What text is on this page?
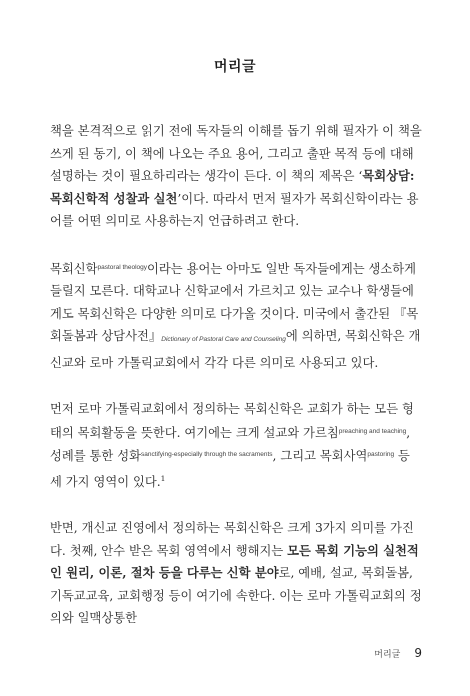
머리글

책을 본격적으로 읽기 전에 독자들의 이해를 돕기 위해 필자가 이 책을 쓰게 된 동기, 이 책에 나오는 주요 용어, 그리고 출판 목적 등에 대해 설명하는 것이 필요하리라는 생각이 든다. 이 책의 제목은 ‘목회상담: 목회신학적 성찰과 실천’이다. 따라서 먼저 필자가 목회신학이라는 용어를 어떤 의미로 사용하는지 언급하려고 한다.

목회신학$^{pastoral theology}$이라는 용어는 아마도 일반 독자들에게는 생소하게 들릴지 모른다. 대학교나 신학교에서 가르치고 있는 교수나 학생들에게도 목회신학은 다양한 의미로 다가올 것이다. 미국에서 출간된 『목회돌봄과 상담사전』Dictionary of Pastoral Care and Counseling에 의하면, 목회신학은 개신교와 로마 가톨릭교회에서 각각 다른 의미로 사용되고 있다.

먼저 로마 가톨릭교회에서 정의하는 목회신학은 교회가 하는 모든 형태의 목회활동을 뜻한다. 여기에는 크게 설교와 가르침$^{preaching and teaching}$, 성례를 통한 성화$^{sanctifying-especially through the sacraments}$, 그리고 목회사역$^{pastoring}$ 등 세 가지 영역이 있다.$^1$

반면, 개신교 진영에서 정의하는 목회신학은 크게 3가지 의미를 가진다. 첫째, 안수 받은 목회 영역에서 행해지는 모든 목회 기능의 실천적인 원리, 이론, 절차 등을 다루는 신학 분야로, 예배, 설교, 목회돌봄, 기독교교육, 교회행정 등이 여기에 속한다. 이는 로마 가톨릭교회의 정의와 일맥상통한

머리글 9
